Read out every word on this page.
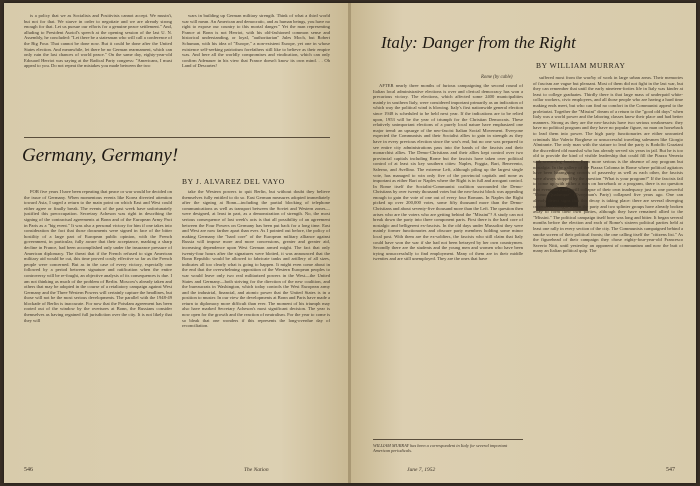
is a policy that we as Socialists and Positivists cannot accept. We mustn't, but not for that. We starve in order to negotiate and we are already strong enough for that. Let us pursue our efforts for a genuine peace settlement." And, alluding to President Auriol's speech at the opening session of the last U. N. Assembly, he concluded: "Let there be a statesman who will call a conference of the Big Four. That cannot be done now. But it could be done after the United States election. And meanwhile, let there be no German rearmament, which can only ruin the last chances of world peace." On the same day, eighty-year-old Edouard Herriot was saying at the Radical Party congress: "Americans, I must appeal to you. Do not repeat the mistakes you made between the two

wars in building up German military strength. Think of what a third world war will mean. An American and democratic, and as human beings, you have no right to expose our country to this mortal danger." Yet the man representing France at Bonn is not Herriot, with his old-fashioned common sense and historical understanding, or loyal, "authoritarian" Jules Moch, but Robert Schuman, with his idea of "Europe," a non-existent Europe, yet one in whose existence self-seeking patriotism forefathers still like to believe as their empire was. And here all the worldly compromises and vindication, which can only confirm Adenauer in his view that France doesn't know its own mind. . . Oh Land of Descartes!

Germany, Germany!
BY J. ALVAREZ DEL VAYO

FOR five years I have been repeating that peace or war would be decided on the issue of Germany. When momentous events like Korea diverted attention toward Asia, I urged a return to the main point on which East and West could either agree or finally break. The events of the past week have unfortunately justified this preoccupation. Secretary Acheson was right in describing the signing of the contractual agreements at Bonn and of the European Army Pact in Paris as a "big event." It was also a personal victory for him if one takes into consideration the fact that those documents were signed in face of the bitter hostility of a large part of European public opinion, with the French government, in particular, fully aware that their acceptance, marking a sharp decline in France, had been accomplished only under the insurance pressure of American diplomacy. The threat that if the French refused to sign American military aid would be cut, this time proved costly effective so far as the French people were concerned. But as in the case of every victory, especially one followed by a period between signature and ratification when the entire controversy will be re-fought, an objective analysis of its consequences is due. I am not thinking as much of the problem of Berlin. Moscow's already taken and others that may be adopted in the course of a retaliatory campaign against West Germany and the Three Western Powers will certainly capture the headlines, but those will not be the most serious developments. The parallel with the 1948-49 blockade of Berlin is inaccurate. For now that the Potsdam agreement has been rooted out of the window by the overtures at Bonn, the Russians consider themselves as having regained full jurisdiction over the city. It is not likely that they will

take the Western powers to quit Berlin, but without doubt they believe themselves fully entitled to do so. East German measures adopted immediately after the signing at Bonn—including the partial blocking of telephone communications as well as transport between the Soviet and Western zones—were designed, at least in part, as a demonstration of strength. No, the most serious consequence of last week's acts is that all possibility of an agreement between the Four Powers on Germany has been put back for a long time. East and West are now farther apart than ever. As I pointed out before, the policy of making Germany the "hard core" of the European military alliance against Russia will impose more and more concessions, greater and greater aid, increasing dependence upon West German armed might. The fact that only twenty-four hours after the signatures were blotted, it was announced that the Bonn Republic would be allowed to fabricate tanks and artillery of all sizes, indicates all too clearly what is going to happen. It might even come about in the end that the overwhelming opposition of the Western European peoples to war would leave only two real militarized powers in the West—the United States and Germany—both striving for the direction of the new coalition, and the bureaucrats in Washington, which today controls the West European army and the industrial, financial, and atomic power that the United States is in a position to muster. In our view the developments at Bonn and Paris have made a return to diplomacy more difficult than ever. The moment of his triumph may also have marked Secretary Acheson's most significant decision. The year is now open for the growth and the reaction of neutralism. For the year to come is so bleak that one wonders if this represents the long-overdue day of reconciliation.

546	The Nation
Italy: Danger from the Right
BY WILLIAM MURRAY
Rome (by cable)

AFTER nearly three months of furious campaigning the second round of Italian local administrative elections is over and clerical democracy has won a precarious victory. The elections, which affected some 2400 municipalities mainly in southern Italy, were considered important primarily as an indication of which way the political wind is blowing. Italy's first nationwide general election since 1948 is scheduled to be held next year. If the indications are to be relied upon, 1953 will be the year of triumph for the Christian Democrats. These relatively unimportant elections of a purely local nature have emphasized one major trend: an upsurge of the neo-fascist Italian Social Movement. Everyone expected the Communists and their Socialist allies to gain in strength as they have in every previous election since the war's end, but no one was prepared to see entire city administrations pass into the hands of the fascists and their monarchist allies. The Demo-Christians and their allies kept control over two provincial capitals including Rome but the fascists have taken over political control of at least six key southern cities: Naples, Foggia, Bari, Benevento, Salerno, and Avellino. The extreme Left, although piling up the largest single vote, has managed to win only five of the provincial capitals and none as important as either Bari or Naples where the Right is in full and arrogant control. In Rome itself the Socialist-Communist coalition surrounded the Demo-Christians by over twenty thousand votes but the neo-fascist block was appealing enough to gain the vote of one out of every four Romans. In Naples the Right picked up over 200,000 votes, some fifty thousand more than the Demo-Christians and about seventy-five thousand more than the Left. The question then arises who are the voters who are getting behind the "Missini"? A study can not break down the party into three component parts. First there is the hard core of nostalgic and belligerent ex-fascists. In the old days under Mussolini they were mainly former functionaries and obscure party members holding some minor local post. With them are the ex-soldiers, the fascists who still claim that Italy could have won the war if she had not been betrayed by her own countrymen. Secondly there are the students and the young men and women who have been trying unsuccessfully to find employment. Many of them are in their middle twenties and are still unemployed. They are the ones that have

suffered most from the war/by of work in large urban areas. Their memories of fascism are vague but pleasant. Most of them did not fight in the last war, but they can remember that until the early nineteen-forties life in Italy was kinder at least to college graduates. Thirdly there is that large mass of underpaid white-collar workers, civic employees, and all those people who are having a hard time making ends meet, but who can find no comfort in the Communist appeal to the proletariat. Together the "Missini" dream of a return to the "good old days" when Italy was a world power and the laboring classes knew their place and had better manners. Strong as they are the neo-fascists have two serious weaknesses: they have no political program and they have no popular figure, no man on horseback to lead them into power. The high party functionaries are either unwanted criminals like Valerio Borghese or unsuccessful traveling salesmen like Giorgio Almirante. The only man with the stature to lead the party is Rodolfo Graziani the discredited old marshal who has already served six years in jail. But he is too old to provide the kind of visible leadership that could fill the Piazza Venezia with screaming fanatics. Even more serious is the absence of any program but nostalgia. In the gallery of the Piazza Colonna in Rome where political agitators have been haranguing crowds of passersby as well as each other, the fascists were always stopped by the question "What is your program?" If the fascists fail to come up with either a man on horseback or a program, there is no question that eventually they will collapse of their own inadequacy just as one powerful "Uomo Qualunque" (Everyman's Party) collapsed five years ago. One can already detect signs that this decay is taking place: there are several diverging currents of thought within the party and two splinter groups have already broken away to form their own parties, although they have remained allied to the "Missini." The political campaign itself bore was long and bitter. It began several months before the election and each of Rome's sixteen political parties held at least one rally in every section of the city. The Communists campaigned behind a smoke screen of their political fronts; the one calling itself the "citizens list." As the figurehead of their campaign they chose eighty-four-year-old Francesco Saverio Nitti, until yesterday an opponent of communism and now the butt of many an Italian political quip. The

WILLIAM MURRAY has been a correspondent in Italy for several important American periodicals.
June 7, 1952	547
